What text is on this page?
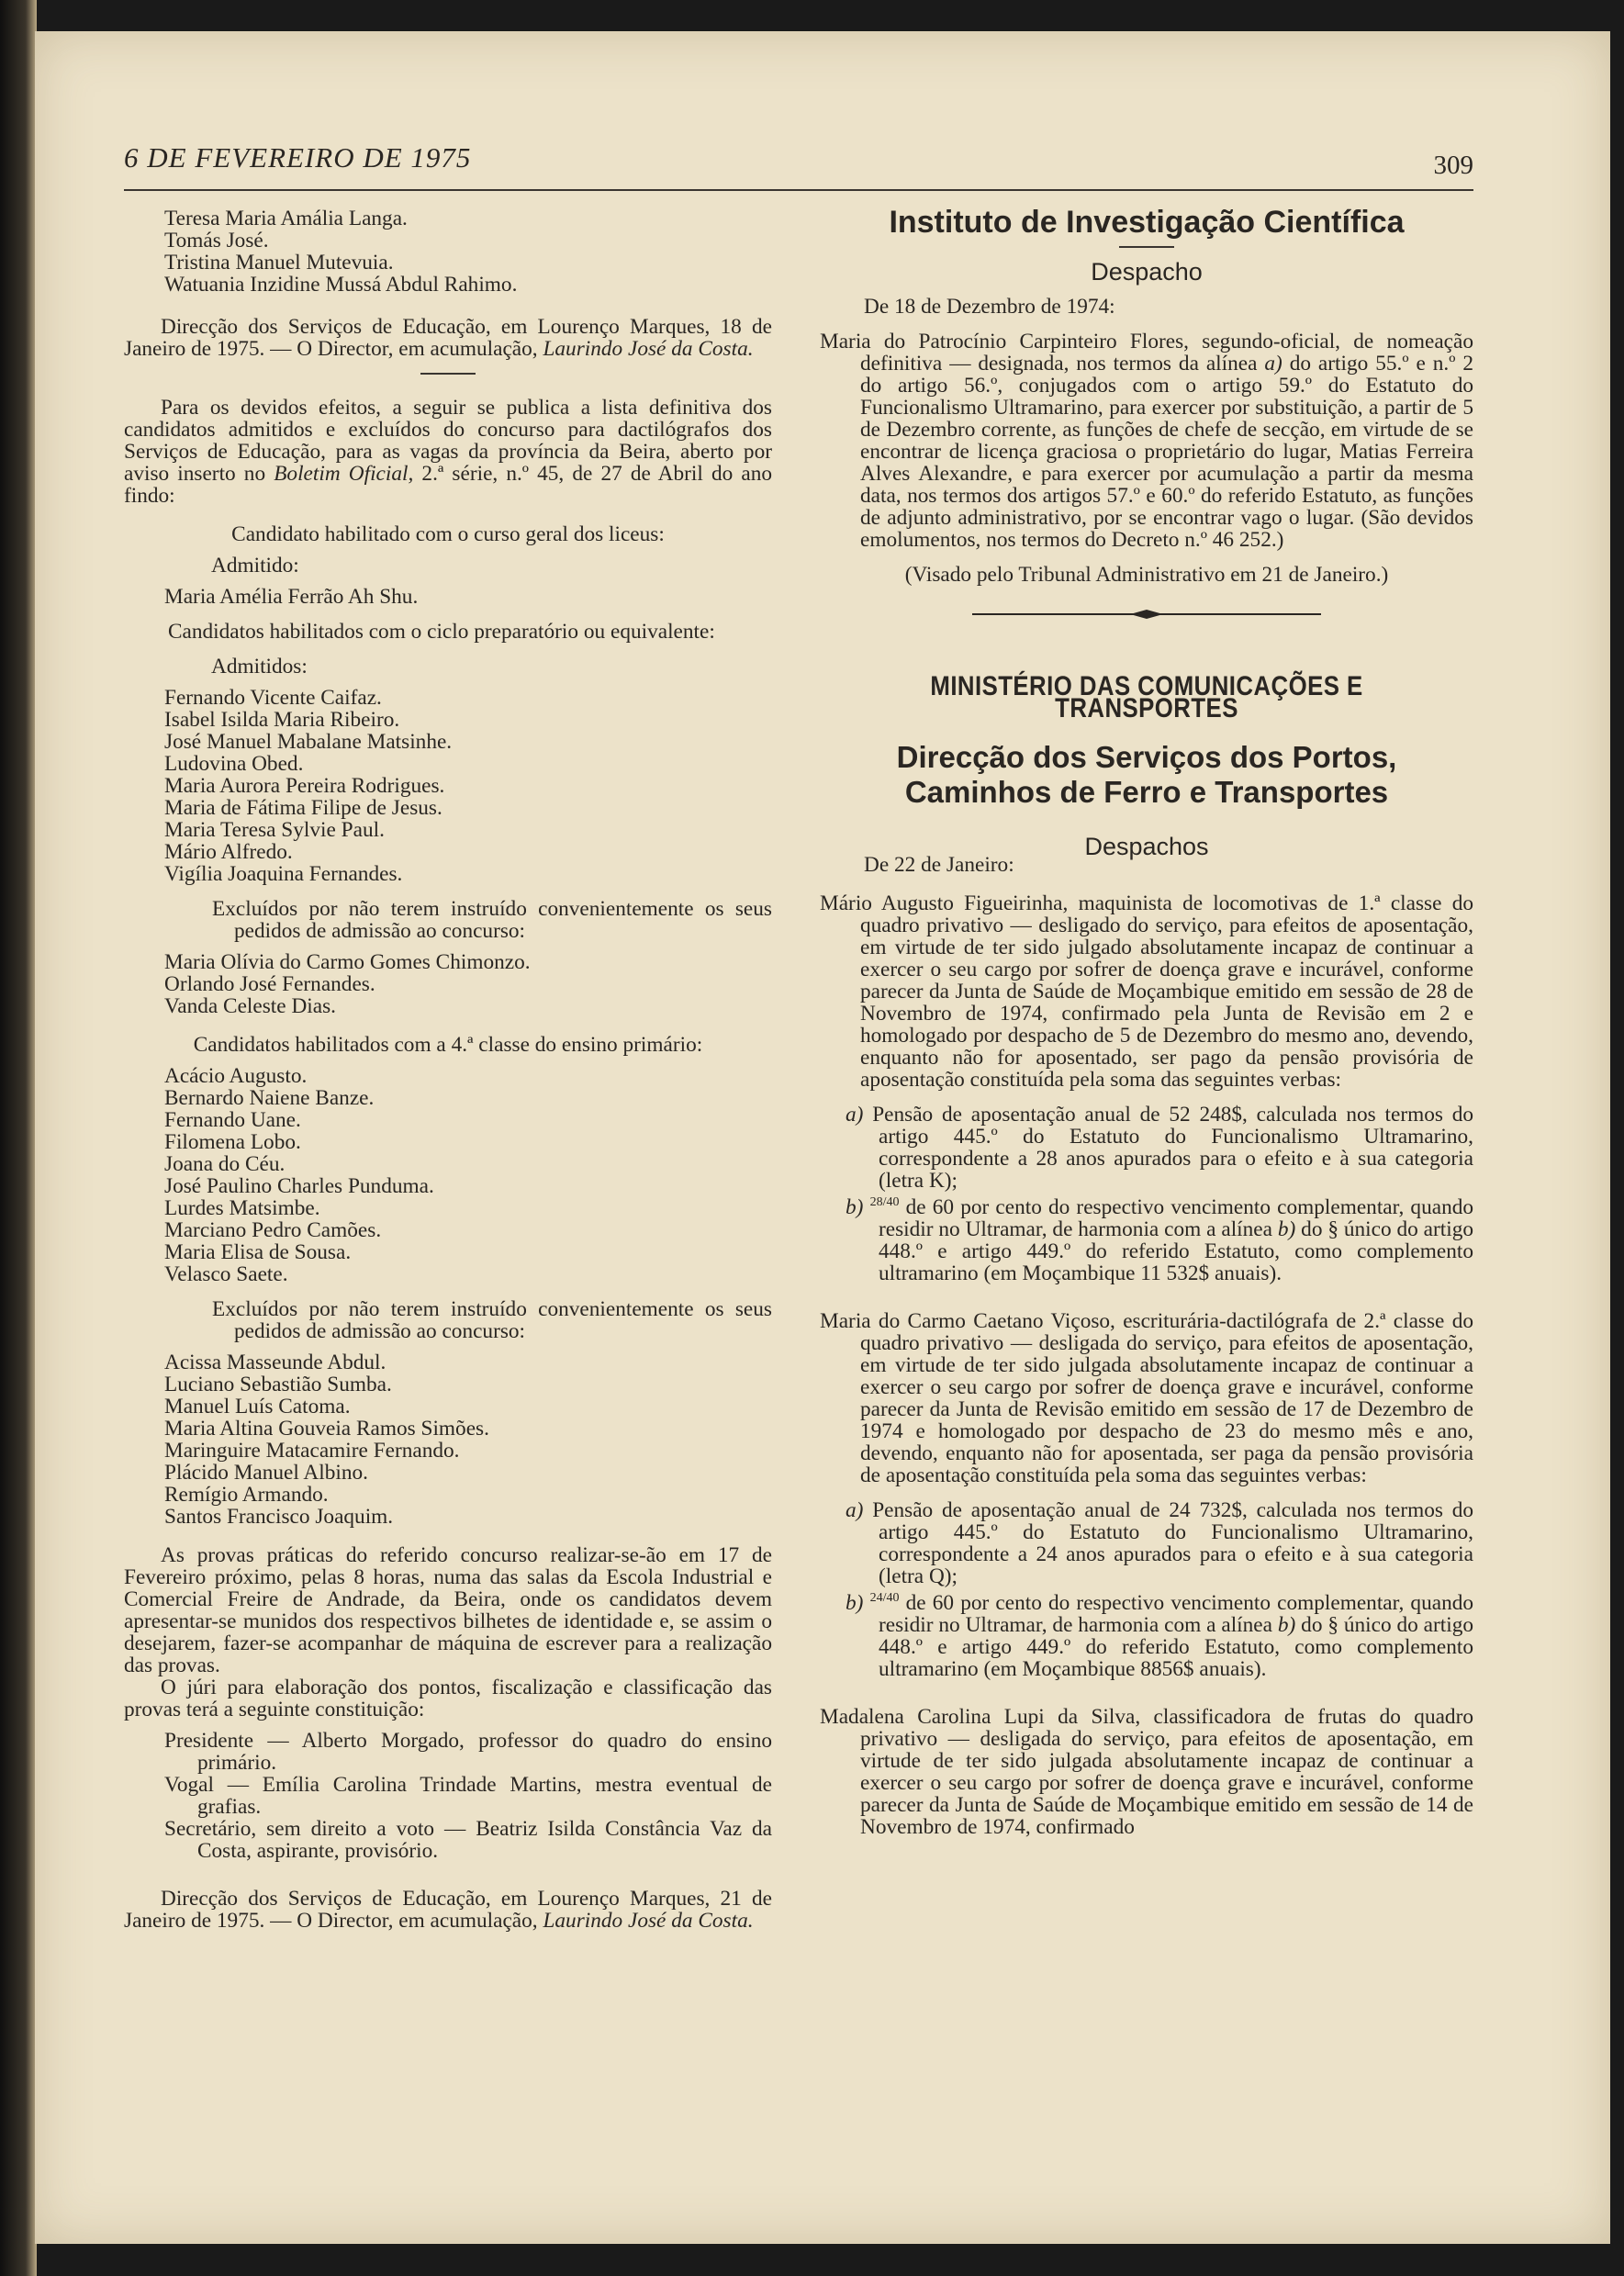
6 DE FEVEREIRO DE 1975	309
Teresa Maria Amália Langa.
Tomás José.
Tristina Manuel Mutevuia.
Watuania Inzidine Mussá Abdul Rahimo.

Direcção dos Serviços de Educação, em Lourenço Marques, 18 de Janeiro de 1975. — O Director, em acumulação, Laurindo José da Costa.

Para os devidos efeitos, a seguir se publica a lista definitiva dos candidatos admitidos e excluídos do concurso para dactilógrafos dos Serviços de Educação, para as vagas da província da Beira, aberto por aviso inserto no Boletim Oficial, 2.ª série, n.º 45, de 27 de Abril do ano findo:

Candidato habilitado com o curso geral dos liceus:

Admitido:

Maria Amélia Ferrão Ah Shu.

Candidatos habilitados com o ciclo preparatório ou equivalente:

Admitidos:

Fernando Vicente Caifaz.
Isabel Isilda Maria Ribeiro.
José Manuel Mabalane Matsinhe.
Ludovina Obed.
Maria Aurora Pereira Rodrigues.
Maria de Fátima Filipe de Jesus.
Maria Teresa Sylvie Paul.
Mário Alfredo.
Vigília Joaquina Fernandes.

Excluídos por não terem instruído convenientemente os seus pedidos de admissão ao concurso:

Maria Olívia do Carmo Gomes Chimonzo.
Orlando José Fernandes.
Vanda Celeste Dias.

Candidatos habilitados com a 4.ª classe do ensino primário:

Acácio Augusto.
Bernardo Naiene Banze.
Fernando Uane.
Filomena Lobo.
Joana do Céu.
José Paulino Charles Punduma.
Lurdes Matsimbe.
Marciano Pedro Camões.
Maria Elisa de Sousa.
Velasco Saete.

Excluídos por não terem instruído convenientemente os seus pedidos de admissão ao concurso:

Acissa Masseunde Abdul.
Luciano Sebastião Sumba.
Manuel Luís Catoma.
Maria Altina Gouveia Ramos Simões.
Maringuire Matacamire Fernando.
Plácido Manuel Albino.
Remígio Armando.
Santos Francisco Joaquim.

As provas práticas do referido concurso realizar-se-ão em 17 de Fevereiro próximo, pelas 8 horas, numa das salas da Escola Industrial e Comercial Freire de Andrade, da Beira, onde os candidatos devem apresentar-se munidos dos respectivos bilhetes de identidade e, se assim o desejarem, fazer-se acompanhar de máquina de escrever para a realização das provas.

O júri para elaboração dos pontos, fiscalização e classificação das provas terá a seguinte constituição:

Presidente — Alberto Morgado, professor do quadro do ensino primário.

Vogal — Emília Carolina Trindade Martins, mestra eventual de grafias.

Secretário, sem direito a voto — Beatriz Isilda Constância Vaz da Costa, aspirante, provisório.

Direcção dos Serviços de Educação, em Lourenço Marques, 21 de Janeiro de 1975. — O Director, em acumulação, Laurindo José da Costa.

Instituto de Investigação Científica
Despacho

De 18 de Dezembro de 1974:

Maria do Patrocínio Carpinteiro Flores, segundo-oficial, de nomeação definitiva — designada, nos termos da alínea a) do artigo 55.º e n.º 2 do artigo 56.º, conjugados com o artigo 59.º do Estatuto do Funcionalismo Ultramarino, para exercer por substituição, a partir de 5 de Dezembro corrente, as funções de chefe de secção, em virtude de se encontrar de licença graciosa o proprietário do lugar, Matias Ferreira Alves Alexandre, e para exercer por acumulação a partir da mesma data, nos termos dos artigos 57.º e 60.º do referido Estatuto, as funções de adjunto administrativo, por se encontrar vago o lugar. (São devidos emolumentos, nos termos do Decreto n.º 46 252.)

(Visado pelo Tribunal Administrativo em 21 de Janeiro.)

MINISTÉRIO DAS COMUNICAÇÕES E TRANSPORTES
Direcção dos Serviços dos Portos,
Caminhos de Ferro e Transportes
Despachos

De 22 de Janeiro:

Mário Augusto Figueirinha, maquinista de locomotivas de 1.ª classe do quadro privativo — desligado do serviço, para efeitos de aposentação, em virtude de ter sido julgado absolutamente incapaz de continuar a exercer o seu cargo por sofrer de doença grave e incurável, conforme parecer da Junta de Saúde de Moçambique emitido em sessão de 28 de Novembro de 1974, confirmado pela Junta de Revisão em 2 e homologado por despacho de 5 de Dezembro do mesmo ano, devendo, enquanto não for aposentado, ser pago da pensão provisória de aposentação constituída pela soma das seguintes verbas:

a) Pensão de aposentação anual de 52 248$, calculada nos termos do artigo 445.º do Estatuto do Funcionalismo Ultramarino, correspondente a 28 anos apurados para o efeito e à sua categoria (letra K);

b) $^{28/40}$ de 60 por cento do respectivo vencimento complementar, quando residir no Ultramar, de harmonia com a alínea b) do § único do artigo 448.º e artigo 449.º do referido Estatuto, como complemento ultramarino (em Moçambique 11 532$ anuais).

Maria do Carmo Caetano Viçoso, escriturária-dactilógrafa de 2.ª classe do quadro privativo — desligada do serviço, para efeitos de aposentação, em virtude de ter sido julgada absolutamente incapaz de continuar a exercer o seu cargo por sofrer de doença grave e incurável, conforme parecer da Junta de Revisão emitido em sessão de 17 de Dezembro de 1974 e homologado por despacho de 23 do mesmo mês e ano, devendo, enquanto não for aposentada, ser paga da pensão provisória de aposentação constituída pela soma das seguintes verbas:

a) Pensão de aposentação anual de 24 732$, calculada nos termos do artigo 445.º do Estatuto do Funcionalismo Ultramarino, correspondente a 24 anos apurados para o efeito e à sua categoria (letra Q);

b) $^{24/40}$ de 60 por cento do respectivo vencimento complementar, quando residir no Ultramar, de harmonia com a alínea b) do § único do artigo 448.º e artigo 449.º do referido Estatuto, como complemento ultramarino (em Moçambique 8856$ anuais).

Madalena Carolina Lupi da Silva, classificadora de frutas do quadro privativo — desligada do serviço, para efeitos de aposentação, em virtude de ter sido julgada absolutamente incapaz de continuar a exercer o seu cargo por sofrer de doença grave e incurável, conforme parecer da Junta de Saúde de Moçambique emitido em sessão de 14 de Novembro de 1974, confirmado
